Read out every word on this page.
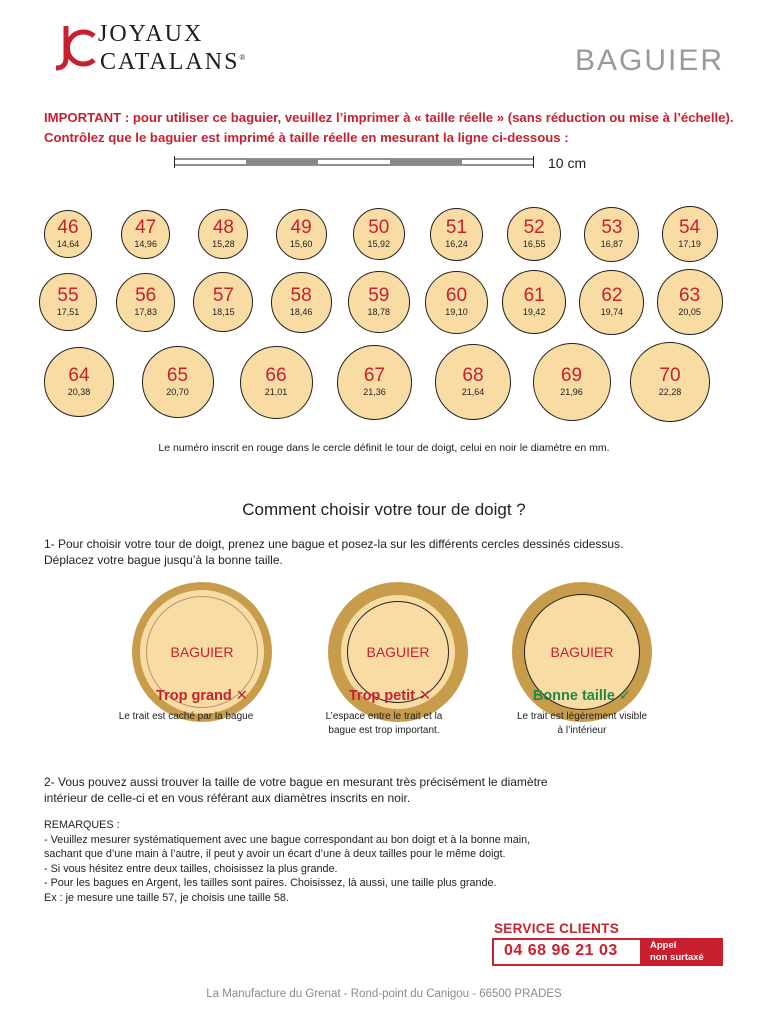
JOYAUX
CATALANS®	BAGUIER
IMPORTANT : pour utiliser ce baguier, veuillez l’imprimer à « taille réelle » (sans réduction ou mise à l’échelle).
Contrôlez que le baguier est imprimé à taille réelle en mesurant la ligne ci-dessous :
10 cm
46
14,64
47
14,96
48
15,28
49
15,60
50
15,92
51
16,24
52
16,55
53
16,87
54
17,19
55
17,51
56
17,83
57
18,15
58
18,46
59
18,78
60
19,10
61
19,42
62
19,74
63
20,05
64
20,38
65
20,70
66
21,01
67
21,36
68
21,64
69
21,96
70
22,28
Le numéro inscrit en rouge dans le cercle définit le tour de doigt, celui en noir le diamètre en mm.
Comment choisir votre tour de doigt ?
1- Pour choisir votre tour de doigt, prenez une bague et posez-la sur les différents cercles dessinés cidessus.
Déplacez votre bague jusqu’à la bonne taille.
BAGUIER
Trop grand ✕
Le trait est caché par la bague
BAGUIER
Trop petit ✕
L’espace entre le trait et la
bague est trop important.
BAGUIER
Bonne taille ✓
Le trait est légèrement visible
à l’intérieur
2- Vous pouvez aussi trouver la taille de votre bague en mesurant très précisément le diamètre
intérieur de celle-ci et en vous référant aux diamètres inscrits en noir.
REMARQUES :
- Veuillez mesurer systématiquement avec une bague correspondant au bon doigt et à la bonne main,
sachant que d’une main à l’autre, il peut y avoir un écart d’une à deux tailles pour le même doigt.
- Si vous hésitez entre deux tailles, choisissez la plus grande.
- Pour les bagues en Argent, les tailles sont paires. Choisissez, là aussi, une taille plus grande.
Ex : je mesure une taille 57, je choisis une taille 58.
SERVICE CLIENTS
04 68 96 21 03	Appel
non surtaxé
La Manufacture du Grenat - Rond-point du Canigou - 66500 PRADES
